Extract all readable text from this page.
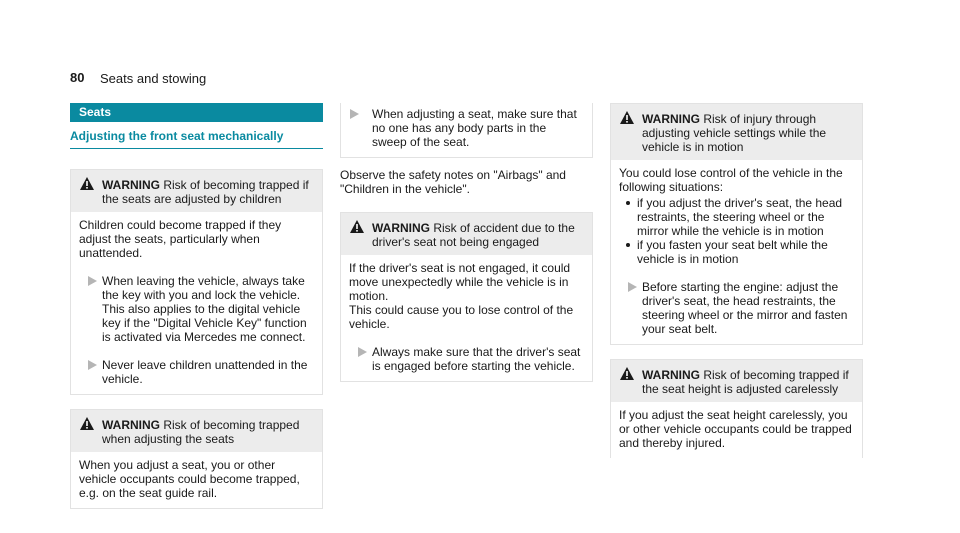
80 Seats and stowing
Seats
Adjusting the front seat mechanically
WARNING Risk of becoming trapped if the seats are adjusted by children
Children could become trapped if they adjust the seats, particularly when unattended.
When leaving the vehicle, always take the key with you and lock the vehicle. This also applies to the digital vehicle key if the "Digital Vehicle Key" function is activated via Mercedes me connect.
Never leave children unattended in the vehicle.
WARNING Risk of becoming trapped when adjusting the seats
When you adjust a seat, you or other vehicle occupants could become trapped, e.g. on the seat guide rail.
When adjusting a seat, make sure that no one has any body parts in the sweep of the seat.
Observe the safety notes on "Airbags" and "Children in the vehicle".
WARNING Risk of accident due to the driver's seat not being engaged
If the driver's seat is not engaged, it could move unexpectedly while the vehicle is in motion.
This could cause you to lose control of the vehicle.
Always make sure that the driver's seat is engaged before starting the vehicle.
WARNING Risk of injury through adjusting vehicle settings while the vehicle is in motion
You could lose control of the vehicle in the following situations:
if you adjust the driver's seat, the head restraints, the steering wheel or the mirror while the vehicle is in motion
if you fasten your seat belt while the vehicle is in motion
Before starting the engine: adjust the driver's seat, the head restraints, the steering wheel or the mirror and fasten your seat belt.
WARNING Risk of becoming trapped if the seat height is adjusted carelessly
If you adjust the seat height carelessly, you or other vehicle occupants could be trapped and thereby injured.
